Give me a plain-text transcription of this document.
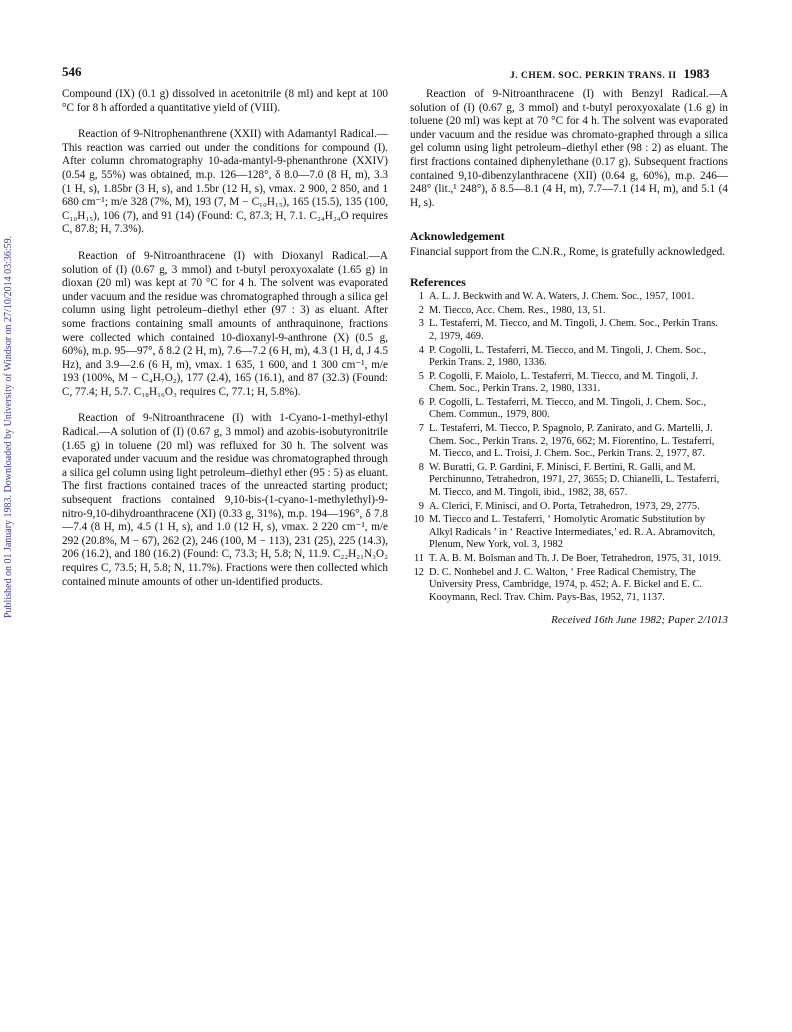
546	J. CHEM. SOC. PERKIN TRANS. II 1983
Published on 01 January 1983. Downloaded by University of Windsor on 27/10/2014 03:36:59.

Compound (IX) (0.1 g) dissolved in acetonitrile (8 ml) and kept at 100 °C for 8 h afforded a quantitative yield of (VIII).

Reaction of 9-Nitrophenanthrene (XXII) with Adamantyl Radical.—This reaction was carried out under the conditions for compound (I). After column chromatography 10-ada-mantyl-9-phenanthrone (XXIV) (0.54 g, 55%) was obtained, m.p. 126—128°, δ 8.0—7.0 (8 H, m), 3.3 (1 H, s), 1.85br (3 H, s), and 1.5br (12 H, s), νmax. 2 900, 2 850, and 1 680 cm⁻¹; m/e 328 (7%, M), 193 (7, M − C₁₀H₁₅), 165 (15.5), 135 (100, C₁₀H₁₅), 106 (7), and 91 (14) (Found: C, 87.3; H, 7.1. C₂₄H₂₄O requires C, 87.8; H, 7.3%).

Reaction of 9-Nitroanthracene (I) with Dioxanyl Radical.—A solution of (I) (0.67 g, 3 mmol) and t-butyl peroxyoxalate (1.65 g) in dioxan (20 ml) was kept at 70 °C for 4 h. The solvent was evaporated under vacuum and the residue was chromatographed through a silica gel column using light petroleum–diethyl ether (97 : 3) as eluant. After some fractions containing small amounts of anthraquinone, fractions were collected which contained 10-dioxanyl-9-anthrone (X) (0.5 g, 60%), m.p. 95—97°, δ 8.2 (2 H, m), 7.6—7.2 (6 H, m), 4.3 (1 H, d, J 4.5 Hz), and 3.9—2.6 (6 H, m), νmax. 1 635, 1 600, and 1 300 cm⁻¹, m/e 193 (100%, M − C₄H₇O₂), 177 (2.4), 165 (16.1), and 87 (32.3) (Found: C, 77.4; H, 5.7. C₁₈H₁₆O₃ requires C, 77.1; H, 5.8%).

Reaction of 9-Nitroanthracene (I) with 1-Cyano-1-methyl-ethyl Radical.—A solution of (I) (0.67 g, 3 mmol) and azobis-isobutyronitrile (1.65 g) in toluene (20 ml) was refluxed for 30 h. The solvent was evaporated under vacuum and the residue was chromatographed through a silica gel column using light petroleum–diethyl ether (95 : 5) as eluant. The first fractions contained traces of the unreacted starting product; subsequent fractions contained 9,10-bis-(1-cyano-1-methylethyl)-9-nitro-9,10-dihydroanthracene (XI) (0.33 g, 31%), m.p. 194—196°, δ 7.8—7.4 (8 H, m), 4.5 (1 H, s), and 1.0 (12 H, s), νmax. 2 220 cm⁻¹, m/e 292 (20.8%, M − 67), 262 (2), 246 (100, M − 113), 231 (25), 225 (14.3), 206 (16.2), and 180 (16.2) (Found: C, 73.3; H, 5.8; N, 11.9. C₂₂H₂₁N₃O₂ requires C, 73.5; H, 5.8; N, 11.7%). Fractions were then collected which contained minute amounts of other un-identified products.

Reaction of 9-Nitroanthracene (I) with Benzyl Radical.—A solution of (I) (0.67 g, 3 mmol) and t-butyl peroxyoxalate (1.6 g) in toluene (20 ml) was kept at 70 °C for 4 h. The solvent was evaporated under vacuum and the residue was chromato-graphed through a silica gel column using light petroleum–diethyl ether (98 : 2) as eluant. The first fractions contained diphenylethane (0.17 g). Subsequent fractions contained 9,10-dibenzylanthracene (XII) (0.64 g, 60%), m.p. 246—248° (lit.,¹ 248°), δ 8.5—8.1 (4 H, m), 7.7—7.1 (14 H, m), and 5.1 (4 H, s).

Acknowledgement

Financial support from the C.N.R., Rome, is gratefully acknowledged.

References
1 A. L. J. Beckwith and W. A. Waters, J. Chem. Soc., 1957, 1001.
2 M. Tiecco, Acc. Chem. Res., 1980, 13, 51.
3 L. Testaferri, M. Tiecco, and M. Tingoli, J. Chem. Soc., Perkin Trans. 2, 1979, 469.
4 P. Cogolli, L. Testaferri, M. Tiecco, and M. Tingoli, J. Chem. Soc., Perkin Trans. 2, 1980, 1336.
5 P. Cogolli, F. Maiolo, L. Testaferri, M. Tiecco, and M. Tingoli, J. Chem. Soc., Perkin Trans. 2, 1980, 1331.
6 P. Cogolli, L. Testaferri, M. Tiecco, and M. Tingoli, J. Chem. Soc., Chem. Commun., 1979, 800.
7 L. Testaferri, M. Tiecco, P. Spagnolo, P. Zanirato, and G. Martelli, J. Chem. Soc., Perkin Trans. 2, 1976, 662; M. Fiorentino, L. Testaferri, M. Tiecco, and L. Troisi, J. Chem. Soc., Perkin Trans. 2, 1977, 87.
8 W. Buratti, G. P. Gardini, F. Minisci, F. Bertini, R. Galli, and M. Perchinunno, Tetrahedron, 1971, 27, 3655; D. Chianelli, L. Testaferri, M. Tiecco, and M. Tingoli, ibid., 1982, 38, 657.
9 A. Clerici, F. Minisci, and O. Porta, Tetrahedron, 1973, 29, 2775.
10 M. Tiecco and L. Testaferri, ‘ Homolytic Aromatic Substitution by Alkyl Radicals ’ in ‘ Reactive Intermediates,’ ed. R. A. Abramovitch, Plenum, New York, vol. 3, 1982
11 T. A. B. M. Bolsman and Th. J. De Boer, Tetrahedron, 1975, 31, 1019.
12 D. C. Nonhebel and J. C. Walton, ‘ Free Radical Chemistry, The University Press, Cambridge, 1974, p. 452; A. F. Bickel and E. C. Kooymann, Recl. Trav. Chim. Pays-Bas, 1952, 71, 1137.
Received 16th June 1982; Paper 2/1013
